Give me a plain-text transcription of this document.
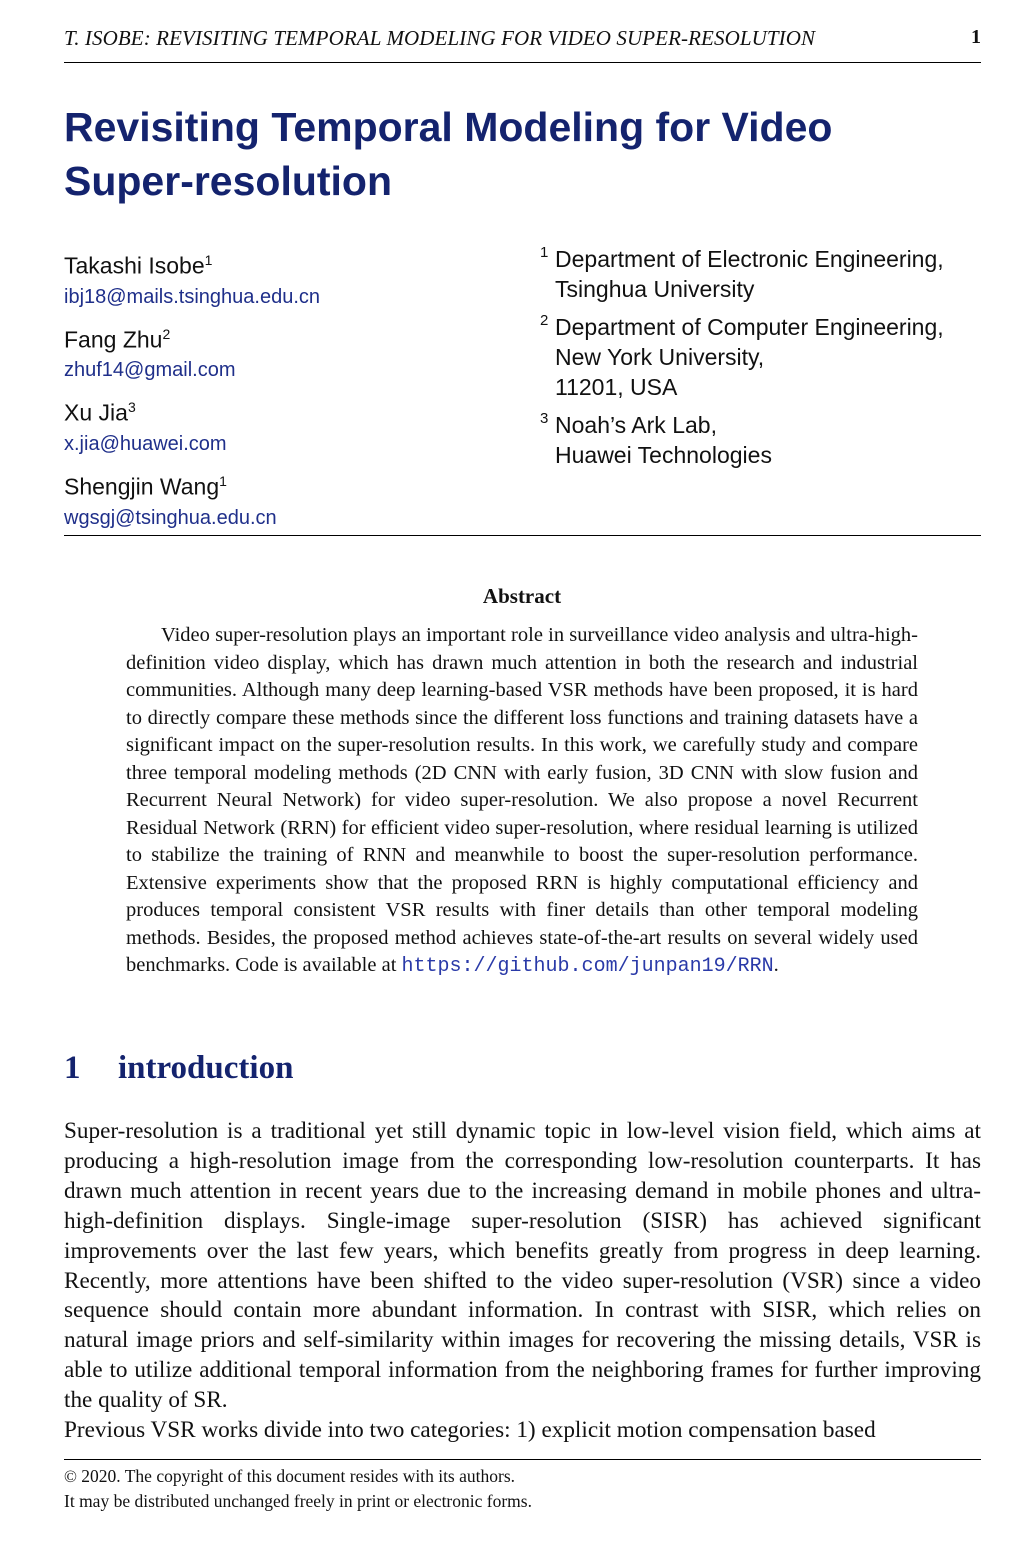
T. ISOBE: REVISITING TEMPORAL MODELING FOR VIDEO SUPER-RESOLUTION	1
Revisiting Temporal Modeling for Video Super-resolution
Takashi Isobe$^1$
ibj18@mails.tsinghua.edu.cn
Fang Zhu$^2$
zhuf14@gmail.com
Xu Jia$^3$
x.jia@huawei.com
Shengjin Wang$^1$
wgsgj@tsinghua.edu.cn
1 Department of Electronic Engineering,
Tsinghua University
2 Department of Computer Engineering,
New York University,
11201, USA
3 Noah’s Ark Lab,
Huawei Technologies
Abstract
Video super-resolution plays an important role in surveillance video analysis and ultra-high-definition video display, which has drawn much attention in both the research and industrial communities. Although many deep learning-based VSR methods have been proposed, it is hard to directly compare these methods since the different loss functions and training datasets have a significant impact on the super-resolution results. In this work, we carefully study and compare three temporal modeling methods (2D CNN with early fusion, 3D CNN with slow fusion and Recurrent Neural Network) for video super-resolution. We also propose a novel Recurrent Residual Network (RRN) for efficient video super-resolution, where residual learning is utilized to stabilize the training of RNN and meanwhile to boost the super-resolution performance. Extensive experiments show that the proposed RRN is highly computational efficiency and produces temporal consistent VSR results with finer details than other temporal modeling methods. Besides, the proposed method achieves state-of-the-art results on several widely used benchmarks. Code is available at https://github.com/junpan19/RRN.
1 introduction

Super-resolution is a traditional yet still dynamic topic in low-level vision field, which aims at producing a high-resolution image from the corresponding low-resolution counterparts. It has drawn much attention in recent years due to the increasing demand in mobile phones and ultra-high-definition displays. Single-image super-resolution (SISR) has achieved significant improvements over the last few years, which benefits greatly from progress in deep learning. Recently, more attentions have been shifted to the video super-resolution (VSR) since a video sequence should contain more abundant information. In contrast with SISR, which relies on natural image priors and self-similarity within images for recovering the missing details, VSR is able to utilize additional temporal information from the neighboring frames for further improving the quality of SR.

Previous VSR works divide into two categories: 1) explicit motion compensation based

© 2020. The copyright of this document resides with its authors.
It may be distributed unchanged freely in print or electronic forms.
